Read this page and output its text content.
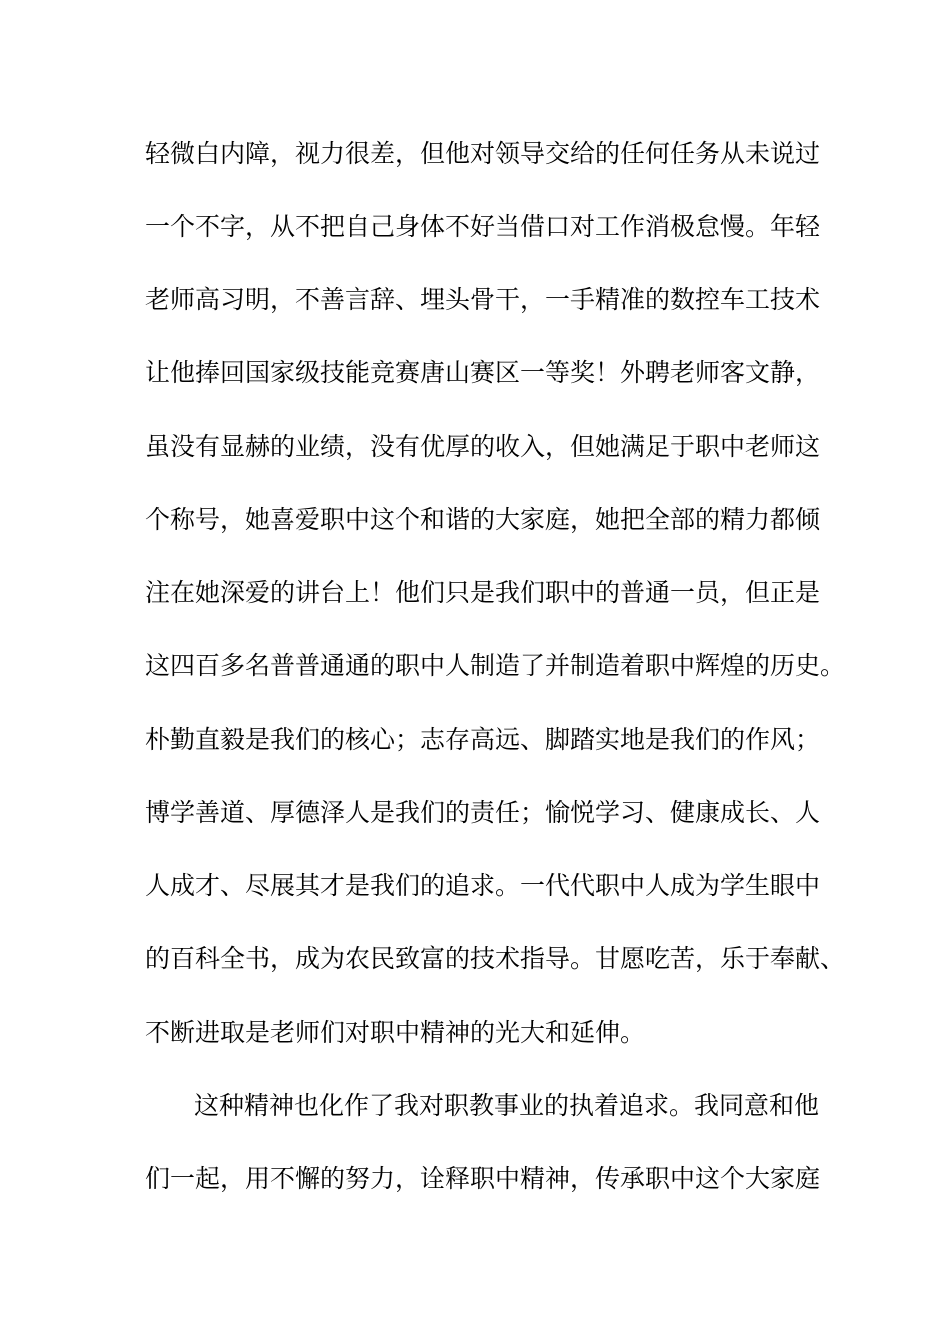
轻微白内障，视力很差，但他对领导交给的任何任务从未说过
一个不字，从不把自己身体不好当借口对工作消极怠慢。年轻
老师高习明，不善言辞、埋头骨干，一手精准的数控车工技术
让他捧回国家级技能竞赛唐山赛区一等奖！外聘老师客文静，
虽没有显赫的业绩，没有优厚的收入，但她满足于职中老师这
个称号，她喜爱职中这个和谐的大家庭，她把全部的精力都倾
注在她深爱的讲台上！他们只是我们职中的普通一员，但正是
这四百多名普普通通的职中人制造了并制造着职中辉煌的历史。
朴勤直毅是我们的核心；志存高远、脚踏实地是我们的作风；
博学善道、厚德泽人是我们的责任；愉悦学习、健康成长、人
人成才、尽展其才是我们的追求。一代代职中人成为学生眼中
的百科全书，成为农民致富的技术指导。甘愿吃苦，乐于奉献、
不断进取是老师们对职中精神的光大和延伸。
这种精神也化作了我对职教事业的执着追求。我同意和他
们一起，用不懈的努力，诠释职中精神，传承职中这个大家庭
